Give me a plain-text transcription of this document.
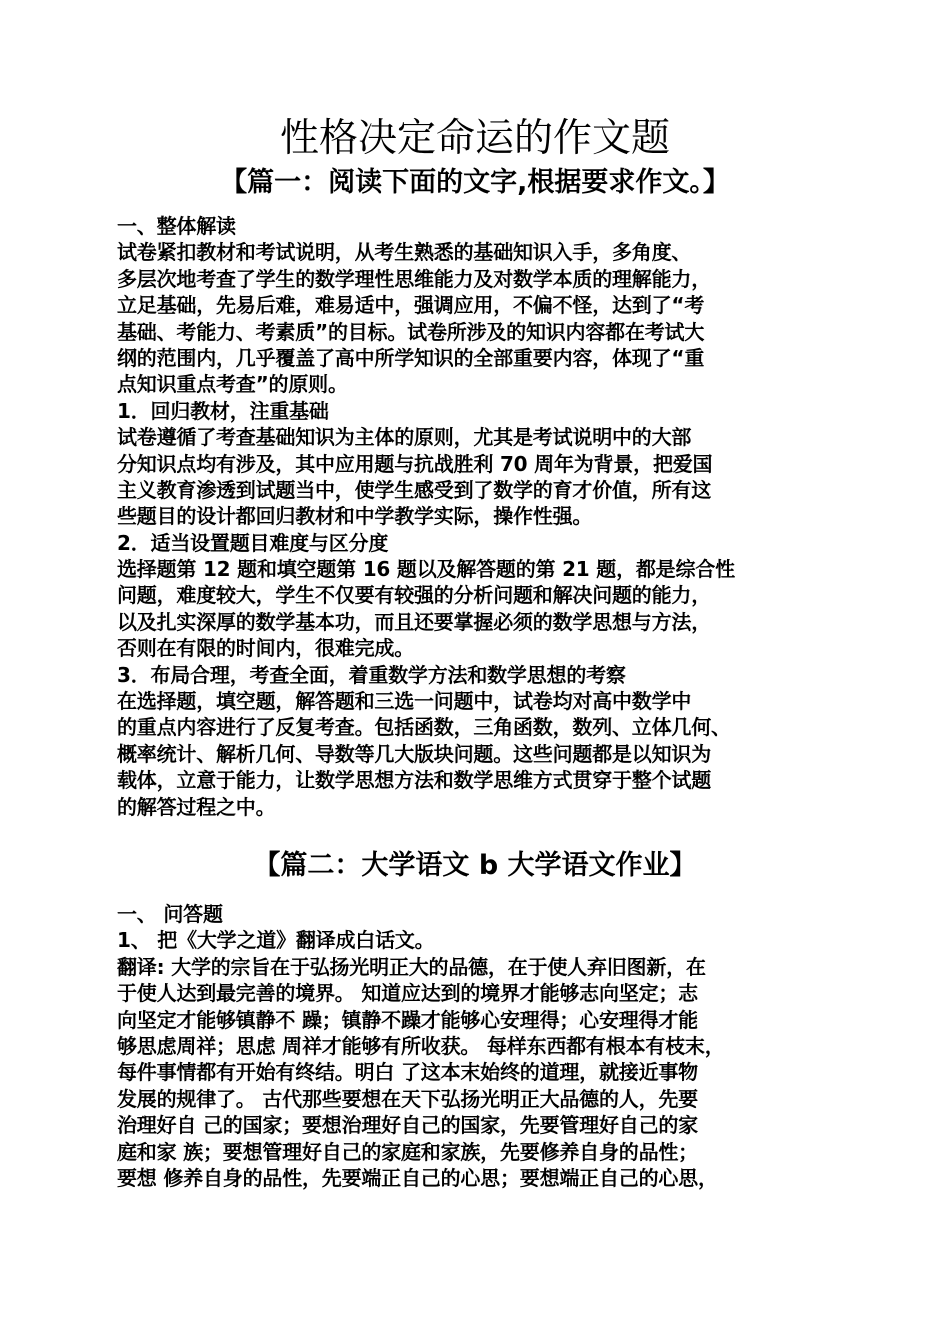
性格决定命运的作文题
【篇一：阅读下面的文字,根据要求作文。】
一、整体解读
试卷紧扣教材和考试说明，从考生熟悉的基础知识入手，多角度、
多层次地考查了学生的数学理性思维能力及对数学本质的理解能力，
立足基础，先易后难，难易适中，强调应用，不偏不怪，达到了“考
基础、考能力、考素质”的目标。试卷所涉及的知识内容都在考试大
纲的范围内，几乎覆盖了高中所学知识的全部重要内容，体现了“重
点知识重点考查”的原则。
1．回归教材，注重基础
试卷遵循了考查基础知识为主体的原则，尤其是考试说明中的大部
分知识点均有涉及，其中应用题与抗战胜利 70 周年为背景，把爱国
主义教育渗透到试题当中，使学生感受到了数学的育才价值，所有这
些题目的设计都回归教材和中学教学实际，操作性强。
2．适当设置题目难度与区分度
选择题第 12 题和填空题第 16 题以及解答题的第 21 题，都是综合性
问题，难度较大，学生不仅要有较强的分析问题和解决问题的能力，
以及扎实深厚的数学基本功，而且还要掌握必须的数学思想与方法，
否则在有限的时间内，很难完成。
3．布局合理，考查全面，着重数学方法和数学思想的考察
在选择题，填空题，解答题和三选一问题中，试卷均对高中数学中
的重点内容进行了反复考查。包括函数，三角函数，数列、立体几何、
概率统计、解析几何、导数等几大版块问题。这些问题都是以知识为
载体，立意于能力，让数学思想方法和数学思维方式贯穿于整个试题
的解答过程之中。
【篇二：大学语文 b 大学语文作业】
一、 问答题
1、 把《大学之道》翻译成白话文。
翻译: 大学的宗旨在于弘扬光明正大的品德，在于使人弃旧图新，在
于使人达到最完善的境界。 知道应达到的境界才能够志向坚定；志
向坚定才能够镇静不 躁；镇静不躁才能够心安理得；心安理得才能
够思虑周祥；思虑 周祥才能够有所收获。 每样东西都有根本有枝末，
每件事情都有开始有终结。明白 了这本末始终的道理，就接近事物
发展的规律了。 古代那些要想在天下弘扬光明正大品德的人，先要
治理好自 己的国家；要想治理好自己的国家，先要管理好自己的家
庭和家 族；要想管理好自己的家庭和家族，先要修养自身的品性；
要想 修养自身的品性，先要端正自己的心思；要想端正自己的心思，
